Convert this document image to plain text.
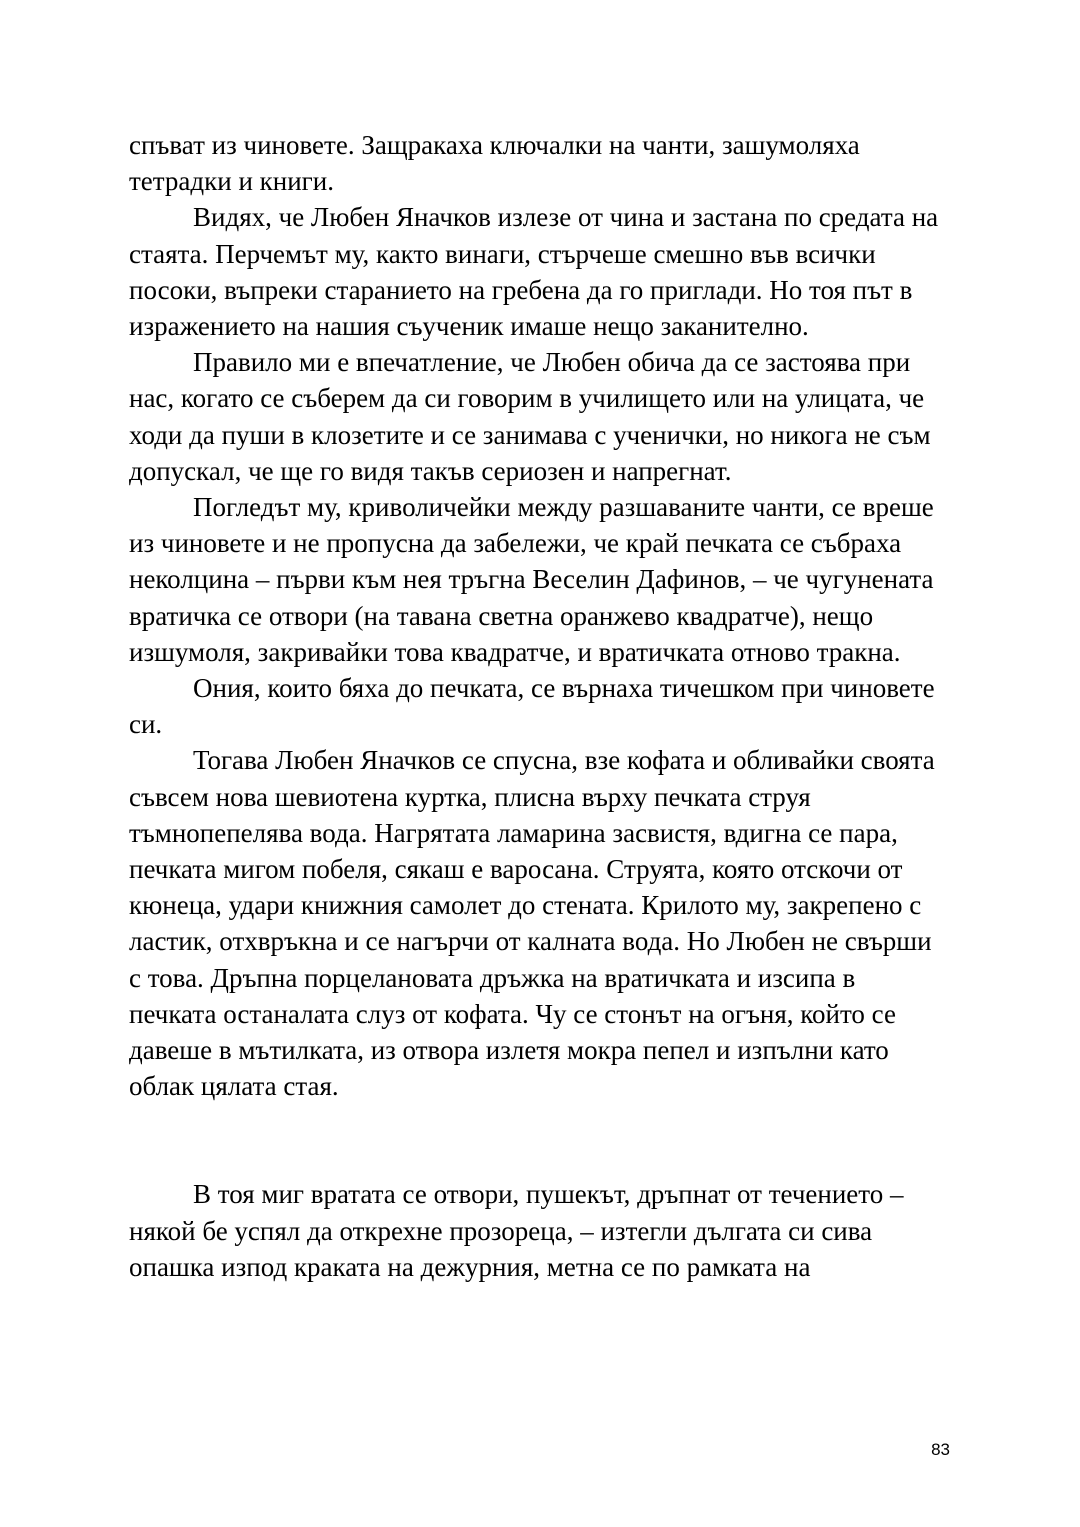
спъват из чиновете. Защракаха ключалки на чанти, зашумоляха тетрадки и книги.

Видях, че Любен Яначков излезе от чина и застана по средата на стаята. Перчемът му, както винаги, стърчеше смешно във всички посоки, въпреки старанието на гребена да го приглади. Но тоя път в изражението на нашия съученик имаше нещо заканително.

Правило ми е впечатление, че Любен обича да се застоява при нас, когато се съберем да си говорим в училището или на улицата, че ходи да пуши в клозетите и се занимава с ученички, но никога не съм допускал, че ще го видя такъв сериозен и напрегнат.

Погледът му, криволичейки между разшаваните чанти, се вреше из чиновете и не пропусна да забележи, че край печката се събраха неколцина – първи към нея тръгна Веселин Дафинов, – че чугунената вратичка се отвори (на тавана светна оранжево квадратче), нещо изшумоля, закривайки това квадратче, и вратичката отново тракна.

Ония, които бяха до печката, се върнаха тичешком при чиновете си.

Тогава Любен Яначков се спусна, взе кофата и обливайки своята съвсем нова шевиотена куртка, плисна върху печката струя тъмнопепелява вода. Нагрятата ламарина засвистя, вдигна се пара, печката мигом побеля, сякаш е варосана. Струята, която отскочи от кюнеца, удари книжния самолет до стената. Крилото му, закрепено с ластик, отхвръкна и се нагърчи от калната вода. Но Любен не свърши с това. Дръпна порцелановата дръжка на вратичката и изсипа в печката останалата слуз от кофата. Чу се стонът на огъня, който се давеше в мътилката, из отвора излетя мокра пепел и изпълни като облак цялата стая.

В тоя миг вратата се отвори, пушекът, дръпнат от течението – някой бе успял да открехне прозореца, – изтегли дългата си сива опашка изпод краката на дежурния, метна се по рамката на

83
